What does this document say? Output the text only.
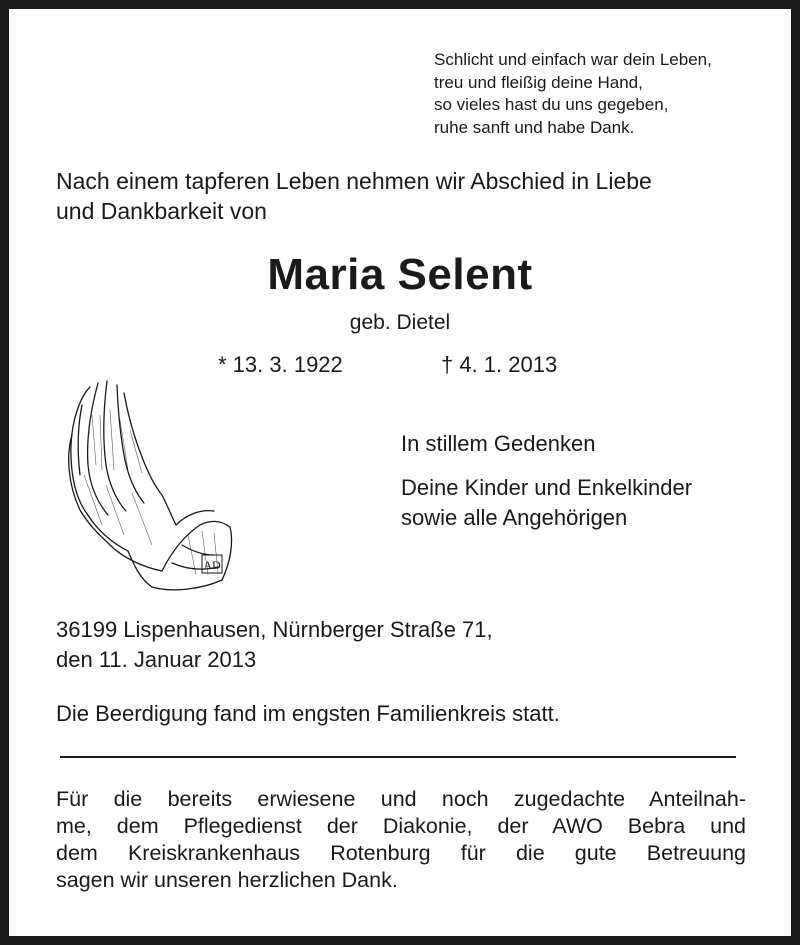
Schlicht und einfach war dein Leben,
treu und fleißig deine Hand,
so vieles hast du uns gegeben,
ruhe sanft und habe Dank.
Nach einem tapferen Leben nehmen wir Abschied in Liebe
und Dankbarkeit von
Maria Selent
geb. Dietel
* 13. 3. 1922	† 4. 1. 2013
AD
In stillem Gedenken
Deine Kinder und Enkelkinder
sowie alle Angehörigen
36199 Lispenhausen, Nürnberger Straße 71,
den 11. Januar 2013
Die Beerdigung fand im engsten Familienkreis statt.
Für die bereits erwiesene und noch zugedachte Anteilnah-
me, dem Pflegedienst der Diakonie, der AWO Bebra und
dem Kreiskrankenhaus Rotenburg für die gute Betreuung
sagen wir unseren herzlichen Dank.
